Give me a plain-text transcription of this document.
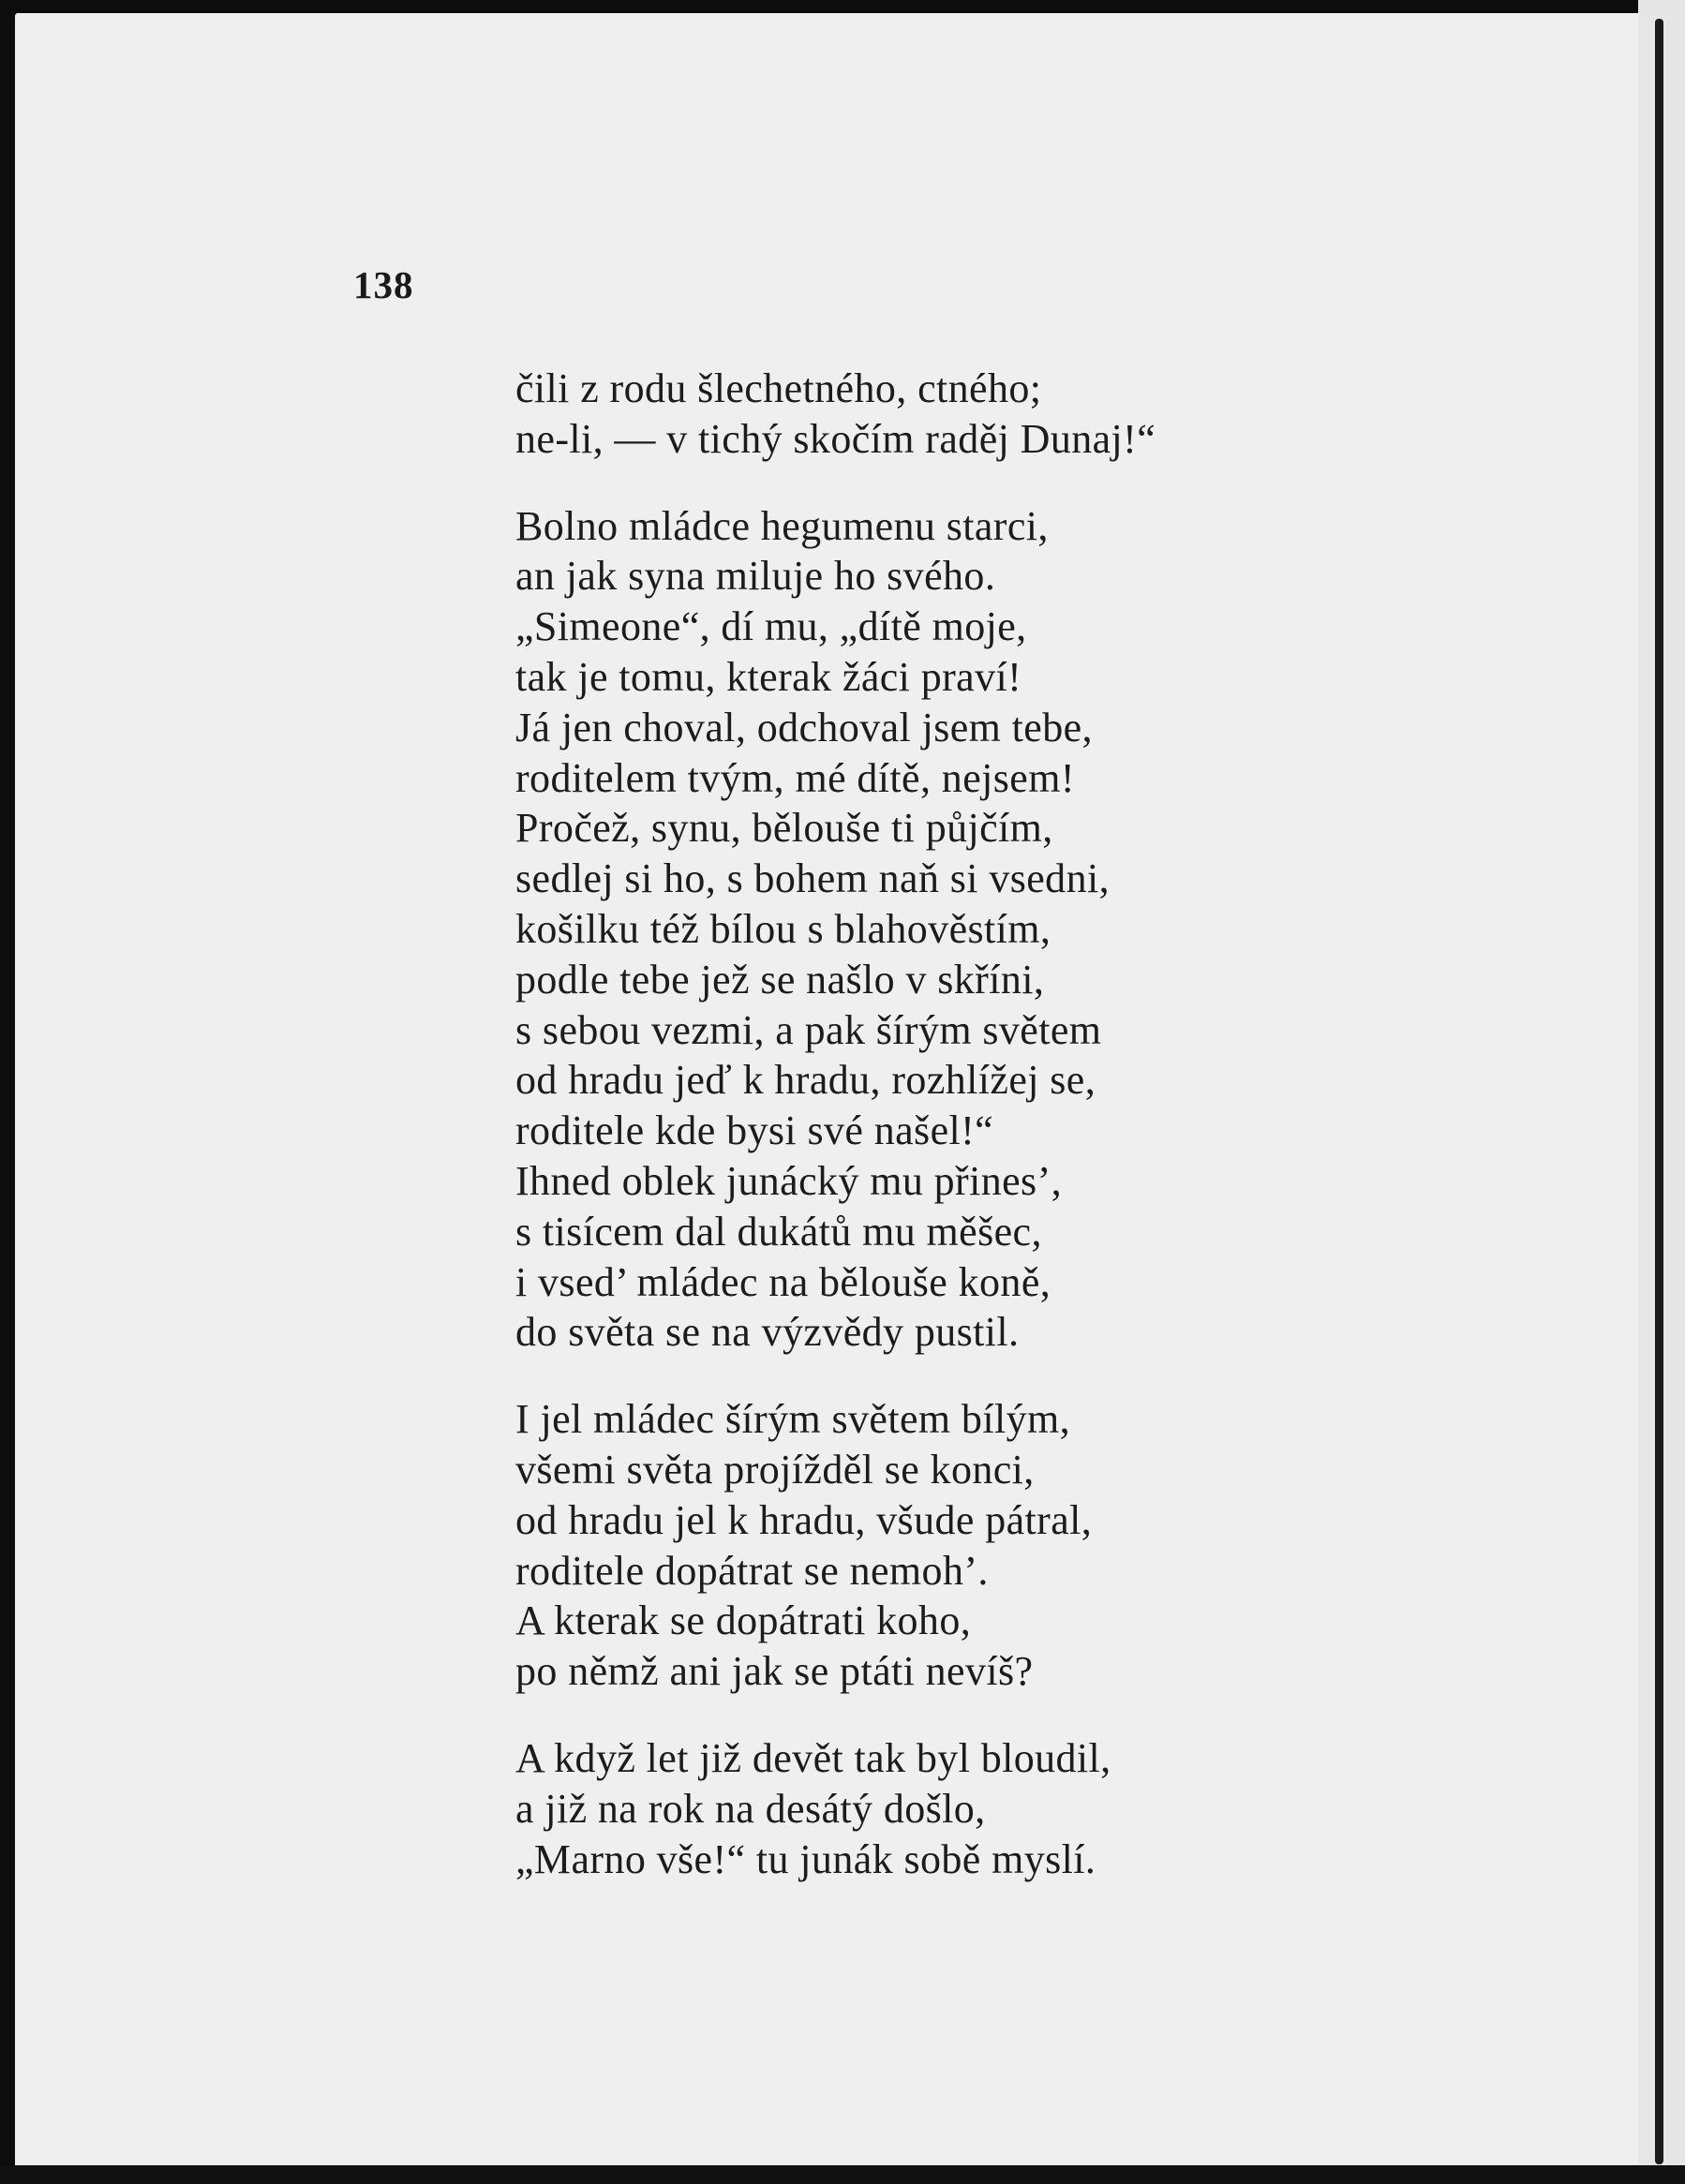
138
čili z rodu šlechetného, ctného;
ne-li, — v tichý skočím raděj Dunaj!“
Bolno mládce hegumenu starci,
an jak syna miluje ho svého.
„Simeone“, dí mu, „dítě moje,
tak je tomu, kterak žáci praví!
Já jen choval, odchoval jsem tebe,
roditelem tvým, mé dítě, nejsem!
Pročež, synu, bělouše ti půjčím,
sedlej si ho, s bohem naň si vsedni,
košilku též bílou s blahověstím,
podle tebe jež se našlo v skříni,
s sebou vezmi, a pak šírým světem
od hradu jeď k hradu, rozhlížej se,
roditele kde bysi své našel!“
Ihned oblek junácký mu přines’,
s tisícem dal dukátů mu měšec,
i vsed’ mládec na bělouše koně,
do světa se na výzvědy pustil.
I jel mládec šírým světem bílým,
všemi světa projížděl se konci,
od hradu jel k hradu, všude pátral,
roditele dopátrat se nemoh’.
A kterak se dopátrati koho,
po němž ani jak se ptáti nevíš?
A když let již devět tak byl bloudil,
a již na rok na desátý došlo,
„Marno vše!“ tu junák sobě myslí.
